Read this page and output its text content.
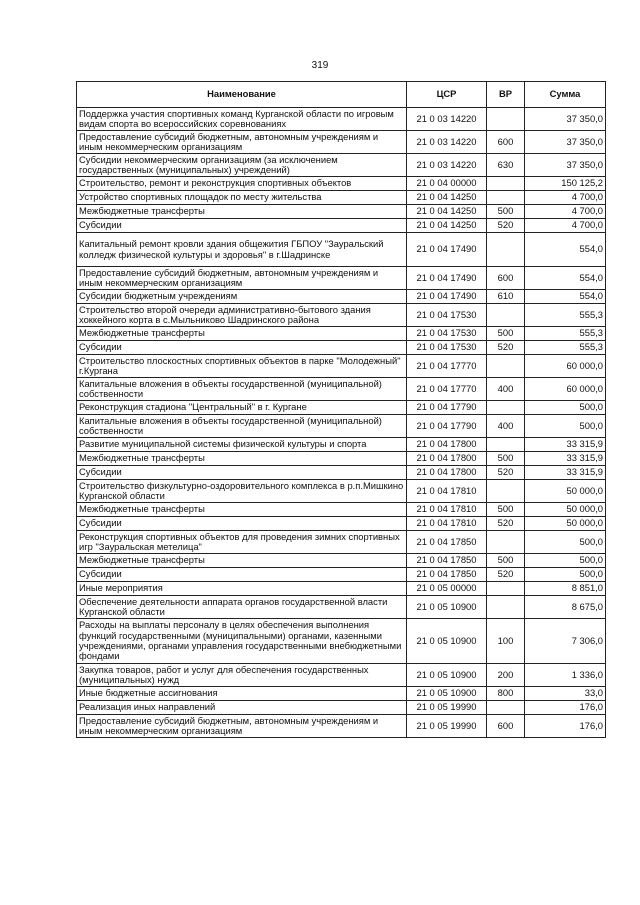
319
Наименование	ЦСР	ВР	Сумма
Поддержка участия спортивных команд Курганской области по игровым видам спорта во всероссийских соревнованиях	21 0 03 14220		37 350,0
Предоставление субсидий бюджетным, автономным учреждениям и иным некоммерческим организациям	21 0 03 14220	600	37 350,0
Субсидии некоммерческим организациям (за исключением государственных (муниципальных) учреждений)	21 0 03 14220	630	37 350,0
Строительство, ремонт и реконструкция спортивных объектов	21 0 04 00000		150 125,2
Устройство спортивных площадок по месту жительства	21 0 04 14250		4 700,0
Межбюджетные трансферты	21 0 04 14250	500	4 700,0
Субсидии	21 0 04 14250	520	4 700,0
Капитальный ремонт кровли здания общежития ГБПОУ "Зауральский колледж физической культуры и здоровья" в г.Шадринске	21 0 04 17490		554,0
Предоставление субсидий бюджетным, автономным учреждениям и иным некоммерческим организациям	21 0 04 17490	600	554,0
Субсидии бюджетным учреждениям	21 0 04 17490	610	554,0
Строительство второй очереди административно-бытового здания хоккейного корта в с.Мыльниково Шадринского района	21 0 04 17530		555,3
Межбюджетные трансферты	21 0 04 17530	500	555,3
Субсидии	21 0 04 17530	520	555,3
Строительство плоскостных спортивных объектов в парке "Молодежный" г.Кургана	21 0 04 17770		60 000,0
Капитальные вложения в объекты государственной (муниципальной) собственности	21 0 04 17770	400	60 000,0
Реконструкция стадиона "Центральный" в г. Кургане	21 0 04 17790		500,0
Капитальные вложения в объекты государственной (муниципальной) собственности	21 0 04 17790	400	500,0
Развитие муниципальной системы физической культуры и спорта	21 0 04 17800		33 315,9
Межбюджетные трансферты	21 0 04 17800	500	33 315,9
Субсидии	21 0 04 17800	520	33 315,9
Строительство физкультурно-оздоровительного комплекса в р.п.Мишкино Курганской области	21 0 04 17810		50 000,0
Межбюджетные трансферты	21 0 04 17810	500	50 000,0
Субсидии	21 0 04 17810	520	50 000,0
Реконструкция спортивных объектов для проведения зимних спортивных игр "Зауральская метелица"	21 0 04 17850		500,0
Межбюджетные трансферты	21 0 04 17850	500	500,0
Субсидии	21 0 04 17850	520	500,0
Иные мероприятия	21 0 05 00000		8 851,0
Обеспечение деятельности аппарата органов государственной власти Курганской области	21 0 05 10900		8 675,0
Расходы на выплаты персоналу в целях обеспечения выполнения функций государственными (муниципальными) органами, казенными учреждениями, органами управления государственными внебюджетными фондами	21 0 05 10900	100	7 306,0
Закупка товаров, работ и услуг для обеспечения государственных (муниципальных) нужд	21 0 05 10900	200	1 336,0
Иные бюджетные ассигнования	21 0 05 10900	800	33,0
Реализация иных направлений	21 0 05 19990		176,0
Предоставление субсидий бюджетным, автономным учреждениям и иным некоммерческим организациям	21 0 05 19990	600	176,0
